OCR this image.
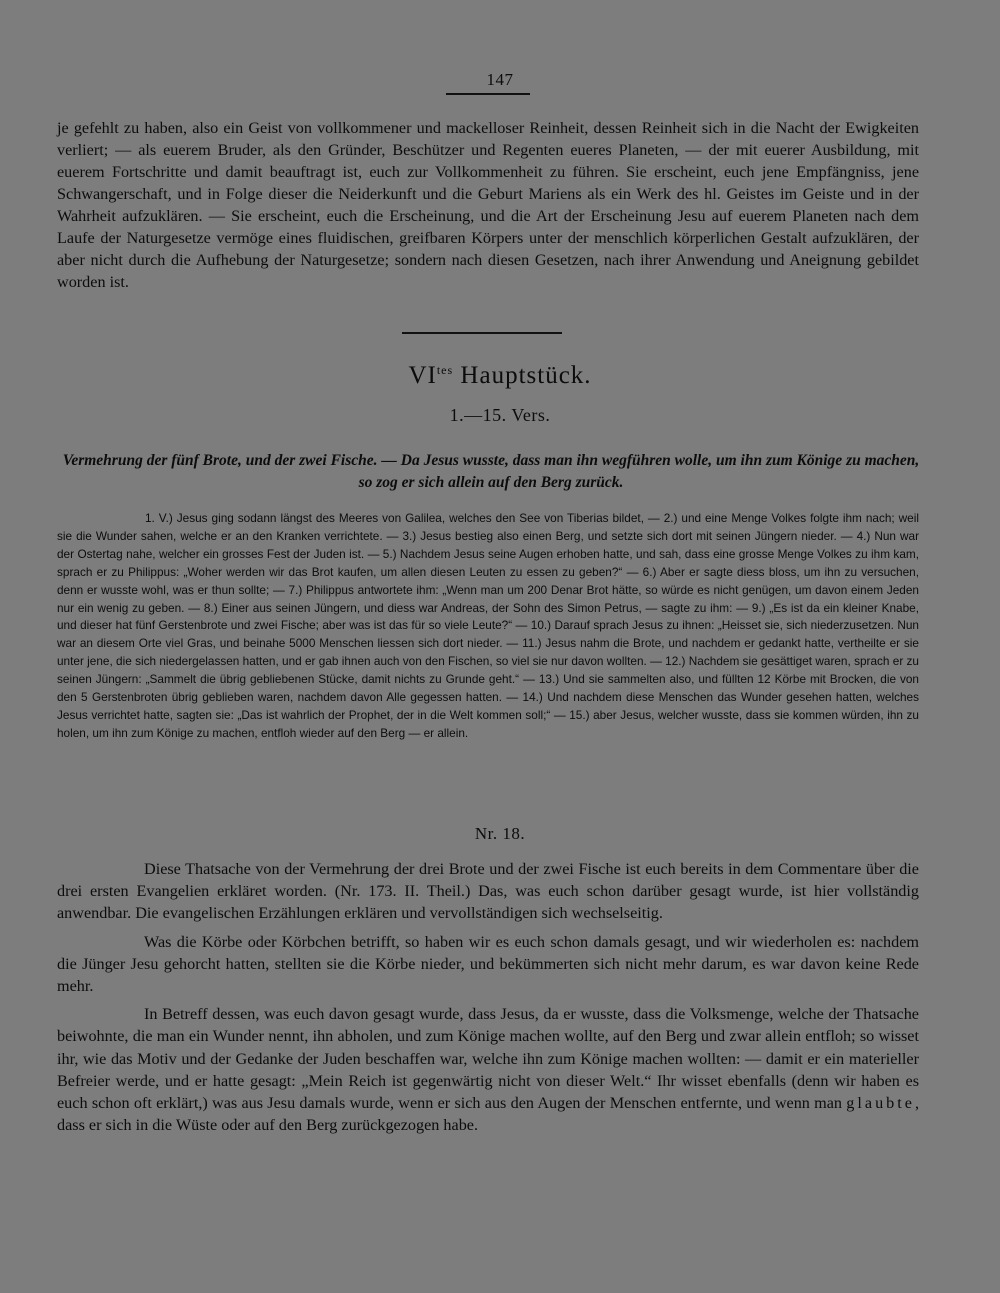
147

je gefehlt zu haben, also ein Geist von vollkommener und mackelloser Reinheit, dessen Reinheit sich in die Nacht der Ewigkeiten verliert; — als euerem Bruder, als den Gründer, Beschützer und Regenten eueres Planeten, — der mit euerer Ausbildung, mit euerem Fortschritte und damit beauftragt ist, euch zur Vollkommenheit zu führen. Sie erscheint, euch jene Empfängniss, jene Schwangerschaft, und in Folge dieser die Neiderkunft und die Geburt Mariens als ein Werk des hl. Geistes im Geiste und in der Wahrheit aufzuklären. — Sie erscheint, euch die Erscheinung, und die Art der Erscheinung Jesu auf euerem Planeten nach dem Laufe der Naturgesetze vermöge eines fluidischen, greifbaren Körpers unter der menschlich körperlichen Gestalt aufzuklären, der aber nicht durch die Aufhebung der Naturgesetze; sondern nach diesen Gesetzen, nach ihrer Anwendung und Aneignung gebildet worden ist.

$VI^{tes}$ Hauptstück.
1.—15. Vers.
Vermehrung der fünf Brote, und der zwei Fische. — Da Jesus wusste, dass man ihn wegführen wolle, um ihn zum Könige zu machen, so zog er sich allein auf den Berg zurück.

1. V.) Jesus ging sodann längst des Meeres von Galilea, welches den See von Tiberias bildet, — 2.) und eine Menge Volkes folgte ihm nach; weil sie die Wunder sahen, welche er an den Kranken verrichtete. — 3.) Jesus bestieg also einen Berg, und setzte sich dort mit seinen Jüngern nieder. — 4.) Nun war der Ostertag nahe, welcher ein grosses Fest der Juden ist. — 5.) Nachdem Jesus seine Augen erhoben hatte, und sah, dass eine grosse Menge Volkes zu ihm kam, sprach er zu Philippus: „Woher werden wir das Brot kaufen, um allen diesen Leuten zu essen zu geben?“ — 6.) Aber er sagte diess bloss, um ihn zu versuchen, denn er wusste wohl, was er thun sollte; — 7.) Philippus antwortete ihm: „Wenn man um 200 Denar Brot hätte, so würde es nicht genügen, um davon einem Jeden nur ein wenig zu geben. — 8.) Einer aus seinen Jüngern, und diess war Andreas, der Sohn des Simon Petrus, — sagte zu ihm: — 9.) „Es ist da ein kleiner Knabe, und dieser hat fünf Gerstenbrote und zwei Fische; aber was ist das für so viele Leute?“ — 10.) Darauf sprach Jesus zu ihnen: „Heisset sie, sich niederzusetzen. Nun war an diesem Orte viel Gras, und beinahe 5000 Menschen liessen sich dort nieder. — 11.) Jesus nahm die Brote, und nachdem er gedankt hatte, vertheilte er sie unter jene, die sich niedergelassen hatten, und er gab ihnen auch von den Fischen, so viel sie nur davon wollten. — 12.) Nachdem sie gesättiget waren, sprach er zu seinen Jüngern: „Sammelt die übrig gebliebenen Stücke, damit nichts zu Grunde geht.“ — 13.) Und sie sammelten also, und füllten 12 Körbe mit Brocken, die von den 5 Gerstenbroten übrig geblieben waren, nachdem davon Alle gegessen hatten. — 14.) Und nachdem diese Menschen das Wunder gesehen hatten, welches Jesus verrichtet hatte, sagten sie: „Das ist wahrlich der Prophet, der in die Welt kommen soll;“ — 15.) aber Jesus, welcher wusste, dass sie kommen würden, ihn zu holen, um ihn zum Könige zu machen, entfloh wieder auf den Berg — er allein.

Nr. 18.

Diese Thatsache von der Vermehrung der drei Brote und der zwei Fische ist euch bereits in dem Commentare über die drei ersten Evangelien erkläret worden. (Nr. 173. II. Theil.) Das, was euch schon darüber gesagt wurde, ist hier vollständig anwendbar. Die evangelischen Erzählungen erklären und vervollständigen sich wechselseitig.

Was die Körbe oder Körbchen betrifft, so haben wir es euch schon damals gesagt, und wir wiederholen es: nachdem die Jünger Jesu gehorcht hatten, stellten sie die Körbe nieder, und bekümmerten sich nicht mehr darum, es war davon keine Rede mehr.

In Betreff dessen, was euch davon gesagt wurde, dass Jesus, da er wusste, dass die Volksmenge, welche der Thatsache beiwohnte, die man ein Wunder nennt, ihn abholen, und zum Könige machen wollte, auf den Berg und zwar allein entfloh; so wisset ihr, wie das Motiv und der Gedanke der Juden beschaffen war, welche ihn zum Könige machen wollten: — damit er ein materieller Befreier werde, und er hatte gesagt: „Mein Reich ist gegenwärtig nicht von dieser Welt.“ Ihr wisset ebenfalls (denn wir haben es euch schon oft erklärt,) was aus Jesu damals wurde, wenn er sich aus den Augen der Menschen entfernte, und wenn man glaubte, dass er sich in die Wüste oder auf den Berg zurückgezogen habe.
